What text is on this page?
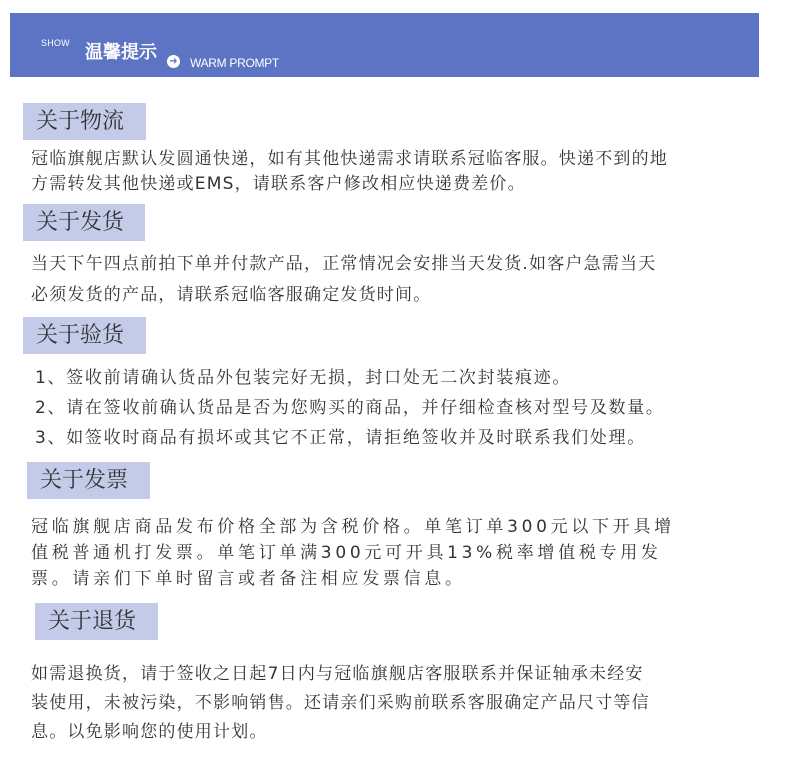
SHOW 温馨提示 ➜ WARM PROMPT
关于物流
冠临旗舰店默认发圆通快递，如有其他快递需求请联系冠临客服。快递不到的地
方需转发其他快递或EMS，请联系客户修改相应快递费差价。
关于发货
当天下午四点前拍下单并付款产品，正常情况会安排当天发货.如客户急需当天
必须发货的产品，请联系冠临客服确定发货时间。
关于验货
1、签收前请确认货品外包装完好无损，封口处无二次封装痕迹。
2、请在签收前确认货品是否为您购买的商品，并仔细检查核对型号及数量。
3、如签收时商品有损坏或其它不正常，请拒绝签收并及时联系我们处理。
关于发票
冠临旗舰店商品发布价格全部为含税价格。单笔订单300元以下开具增
值税普通机打发票。单笔订单满300元可开具13%税率增值税专用发
票。请亲们下单时留言或者备注相应发票信息。
关于退货
如需退换货，请于签收之日起7日内与冠临旗舰店客服联系并保证轴承未经安
装使用，未被污染，不影响销售。还请亲们采购前联系客服确定产品尺寸等信
息。以免影响您的使用计划。
